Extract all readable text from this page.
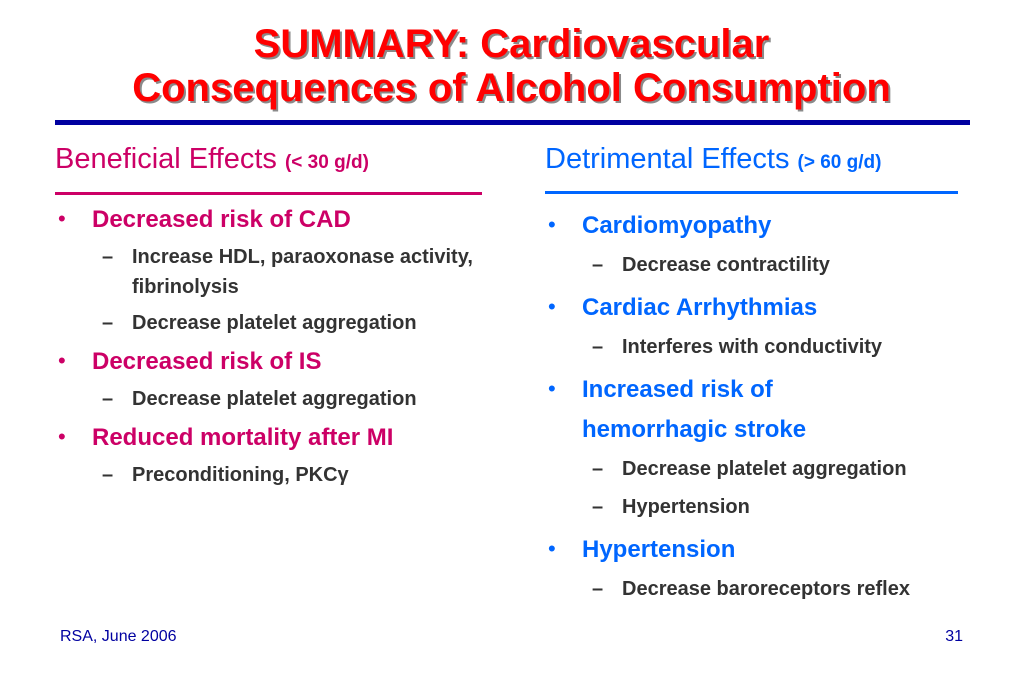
SUMMARY: Cardiovascular
Consequences of Alcohol Consumption
Beneficial Effects (< 30 g/d)
• Decreased risk of CAD
– Increase HDL, paraoxonase activity, fibrinolysis
– Decrease platelet aggregation
• Decreased risk of IS
– Decrease platelet aggregation
• Reduced mortality after MI
– Preconditioning, PKCγ
Detrimental Effects (> 60 g/d)
• Cardiomyopathy
– Decrease contractility
• Cardiac Arrhythmias
– Interferes with conductivity
• Increased risk of hemorrhagic stroke
– Decrease platelet aggregation
– Hypertension
• Hypertension
– Decrease baroreceptors reflex
RSA, June 2006	31
